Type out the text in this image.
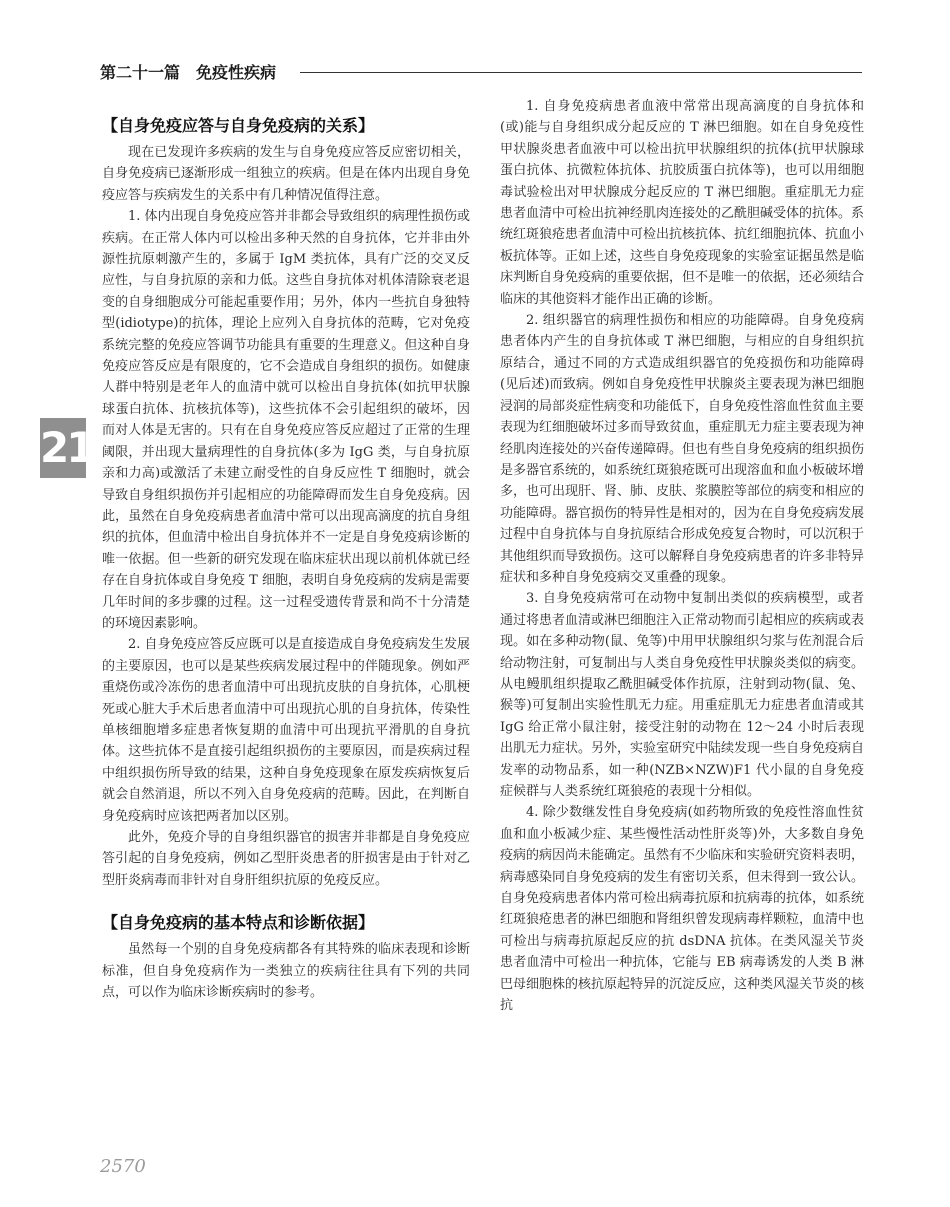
第二十一篇　免疫性疾病
21
【自身免疫应答与自身免疫病的关系】

现在已发现许多疾病的发生与自身免疫应答反应密切相关，自身免疫病已逐渐形成一组独立的疾病。但是在体内出现自身免疫应答与疾病发生的关系中有几种情况值得注意。

1. 体内出现自身免疫应答并非都会导致组织的病理性损伤或疾病。在正常人体内可以检出多种天然的自身抗体，它并非由外源性抗原刺激产生的，多属于 IgM 类抗体，具有广泛的交叉反应性，与自身抗原的亲和力低。这些自身抗体对机体清除衰老退变的自身细胞成分可能起重要作用；另外，体内一些抗自身独特型(idiotype)的抗体，理论上应列入自身抗体的范畴，它对免疫系统完整的免疫应答调节功能具有重要的生理意义。但这种自身免疫应答反应是有限度的，它不会造成自身组织的损伤。如健康人群中特别是老年人的血清中就可以检出自身抗体(如抗甲状腺球蛋白抗体、抗核抗体等)，这些抗体不会引起组织的破坏，因而对人体是无害的。只有在自身免疫应答反应超过了正常的生理阈限，并出现大量病理性的自身抗体(多为 IgG 类，与自身抗原亲和力高)或激活了未建立耐受性的自身反应性 T 细胞时，就会导致自身组织损伤并引起相应的功能障碍而发生自身免疫病。因此，虽然在自身免疫病患者血清中常可以出现高滴度的抗自身组织的抗体，但血清中检出自身抗体并不一定是自身免疫病诊断的唯一依据。但一些新的研究发现在临床症状出现以前机体就已经存在自身抗体或自身免疫 T 细胞，表明自身免疫病的发病是需要几年时间的多步骤的过程。这一过程受遗传背景和尚不十分清楚的环境因素影响。

2. 自身免疫应答反应既可以是直接造成自身免疫病发生发展的主要原因，也可以是某些疾病发展过程中的伴随现象。例如严重烧伤或冷冻伤的患者血清中可出现抗皮肤的自身抗体，心肌梗死或心脏大手术后患者血清中可出现抗心肌的自身抗体，传染性单核细胞增多症患者恢复期的血清中可出现抗平滑肌的自身抗体。这些抗体不是直接引起组织损伤的主要原因，而是疾病过程中组织损伤所导致的结果，这种自身免疫现象在原发疾病恢复后就会自然消退，所以不列入自身免疫病的范畴。因此，在判断自身免疫病时应该把两者加以区别。

此外，免疫介导的自身组织器官的损害并非都是自身免疫应答引起的自身免疫病，例如乙型肝炎患者的肝损害是由于针对乙型肝炎病毒而非针对自身肝组织抗原的免疫反应。

【自身免疫病的基本特点和诊断依据】

虽然每一个别的自身免疫病都各有其特殊的临床表现和诊断标准，但自身免疫病作为一类独立的疾病往往具有下列的共同点，可以作为临床诊断疾病时的参考。

1. 自身免疫病患者血液中常常出现高滴度的自身抗体和(或)能与自身组织成分起反应的 T 淋巴细胞。如在自身免疫性甲状腺炎患者血液中可以检出抗甲状腺组织的抗体(抗甲状腺球蛋白抗体、抗微粒体抗体、抗胶质蛋白抗体等)，也可以用细胞毒试验检出对甲状腺成分起反应的 T 淋巴细胞。重症肌无力症患者血清中可检出抗神经肌肉连接处的乙酰胆碱受体的抗体。系统红斑狼疮患者血清中可检出抗核抗体、抗红细胞抗体、抗血小板抗体等。正如上述，这些自身免疫现象的实验室证据虽然是临床判断自身免疫病的重要依据，但不是唯一的依据，还必须结合临床的其他资料才能作出正确的诊断。

2. 组织器官的病理性损伤和相应的功能障碍。自身免疫病患者体内产生的自身抗体或 T 淋巴细胞，与相应的自身组织抗原结合，通过不同的方式造成组织器官的免疫损伤和功能障碍(见后述)而致病。例如自身免疫性甲状腺炎主要表现为淋巴细胞浸润的局部炎症性病变和功能低下，自身免疫性溶血性贫血主要表现为红细胞破坏过多而导致贫血，重症肌无力症主要表现为神经肌肉连接处的兴奋传递障碍。但也有些自身免疫病的组织损伤是多器官系统的，如系统红斑狼疮既可出现溶血和血小板破坏增多，也可出现肝、肾、肺、皮肤、浆膜腔等部位的病变和相应的功能障碍。器官损伤的特异性是相对的，因为在自身免疫病发展过程中自身抗体与自身抗原结合形成免疫复合物时，可以沉积于其他组织而导致损伤。这可以解释自身免疫病患者的许多非特异症状和多种自身免疫病交叉重叠的现象。

3. 自身免疫病常可在动物中复制出类似的疾病模型，或者通过将患者血清或淋巴细胞注入正常动物而引起相应的疾病或表现。如在多种动物(鼠、兔等)中用甲状腺组织匀浆与佐剂混合后给动物注射，可复制出与人类自身免疫性甲状腺炎类似的病变。从电鳗肌组织提取乙酰胆碱受体作抗原，注射到动物(鼠、兔、猴等)可复制出实验性肌无力症。用重症肌无力症患者血清或其 IgG 给正常小鼠注射，接受注射的动物在 12～24 小时后表现出肌无力症状。另外，实验室研究中陆续发现一些自身免疫病自发率的动物品系，如一种(NZB×NZW)F1 代小鼠的自身免疫症候群与人类系统红斑狼疮的表现十分相似。

4. 除少数继发性自身免疫病(如药物所致的免疫性溶血性贫血和血小板减少症、某些慢性活动性肝炎等)外，大多数自身免疫病的病因尚未能确定。虽然有不少临床和实验研究资料表明，病毒感染同自身免疫病的发生有密切关系，但未得到一致公认。自身免疫病患者体内常可检出病毒抗原和抗病毒的抗体，如系统红斑狼疮患者的淋巴细胞和肾组织曾发现病毒样颗粒，血清中也可检出与病毒抗原起反应的抗 dsDNA 抗体。在类风湿关节炎患者血清中可检出一种抗体，它能与 EB 病毒诱发的人类 B 淋巴母细胞株的核抗原起特异的沉淀反应，这种类风湿关节炎的核抗

2570
